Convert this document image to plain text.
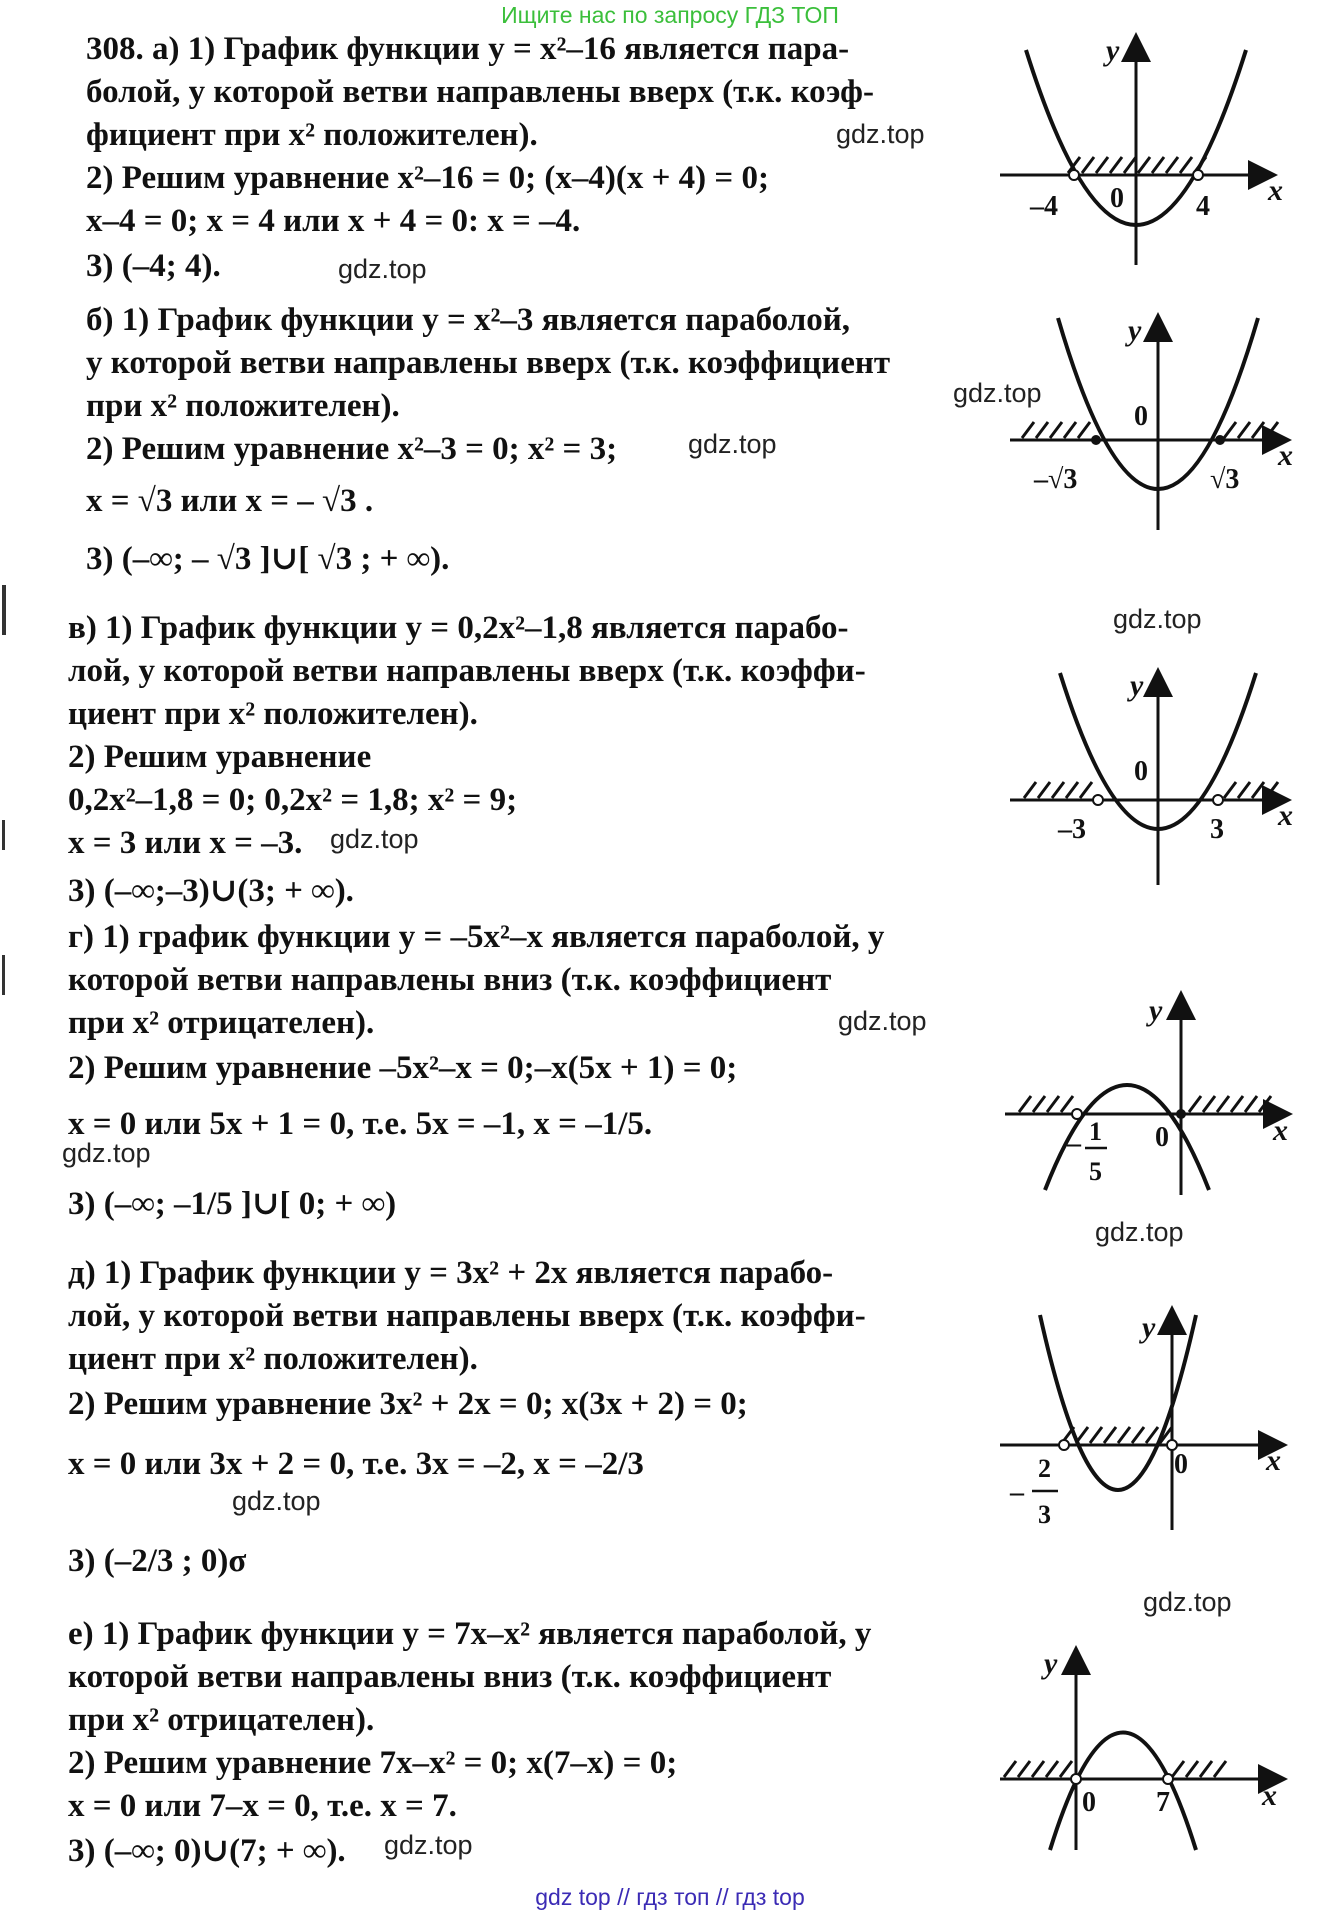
Ищите нас по запросу ГДЗ ТОП
308. а) 1) График функции y = x²–16 является пара-
болой, у которой ветви направлены вверх (т.к. коэф-
фициент при x² положителен).
2) Решим уравнение x²–16 = 0; (x–4)(x + 4) = 0;
x–4 = 0; x = 4 или x + 4 = 0: x = –4.
3) (–4; 4).
gdz.top
gdz.top
y
x
0
–4	4
б) 1) График функции y = x²–3 является параболой,
у которой ветви направлены вверх (т.к. коэффициент
при x² положителен).
2) Решим уравнение x²–3 = 0; x² = 3;
x = √3 или x = – √3 .
3) (–∞; – √3 ]∪[ √3 ; + ∞).
gdz.top
gdz.top
y
x
0
–√3	√3
gdz.top
в) 1) График функции y = 0,2x²–1,8 является парабо-
лой, у которой ветви направлены вверх (т.к. коэффи-
циент при x² положителен).
2) Решим уравнение
0,2x²–1,8 = 0; 0,2x² = 1,8; x² = 9;
x = 3 или x = –3.
3) (–∞;–3)∪(3; + ∞).
gdz.top
y
x
0
–3	3
г) 1) график функции y = –5x²–x является параболой, у
которой ветви направлены вниз (т.к. коэффициент
при x² отрицателен).
2) Решим уравнение –5x²–x = 0;–x(5x + 1) = 0;
x = 0 или 5x + 1 = 0, т.е. 5x = –1, x = –1/5.
3) (–∞; –1/5 ]∪[ 0; + ∞)
gdz.top
gdz.top
y
x
0
– 1
5
gdz.top
д) 1) График функции y = 3x² + 2x является парабо-
лой, у которой ветви направлены вверх (т.к. коэффи-
циент при x² положителен).
2) Решим уравнение 3x² + 2x = 0; x(3x + 2) = 0;
x = 0 или 3x + 2 = 0, т.е. 3x = –2, x = –2/3
3) (–2/3 ; 0)σ
gdz.top
y
x
0
–
2
3
gdz.top
е) 1) График функции y = 7x–x² является параболой, у
которой ветви направлены вниз (т.к. коэффициент
при x² отрицателен).
2) Решим уравнение 7x–x² = 0; x(7–x) = 0;
x = 0 или 7–x = 0, т.е. x = 7.
3) (–∞; 0)∪(7; + ∞). gdz.top
y
x
0 7
gdz top // гдз топ // гдз top
